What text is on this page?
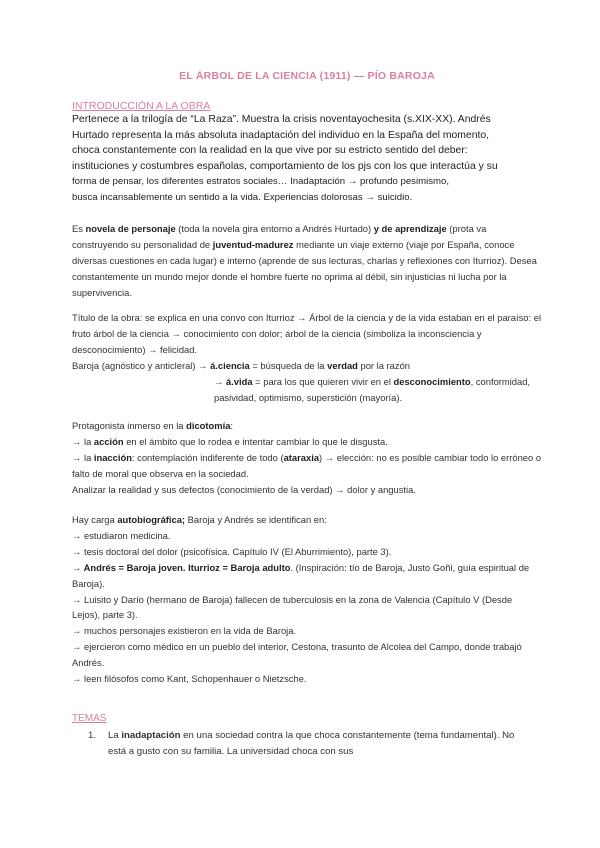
EL ÁRBOL DE LA CIENCIA (1911) — PÍO BAROJA
INTRODUCCIÓN A LA OBRA
Pertenece a la trilogía de “La Raza”. Muestra la crisis noventayochesita (s.XIX-XX). Andrés
Hurtado representa la más absoluta inadaptación del individuo en la España del momento,
choca constantemente con la realidad en la que vive por su estricto sentido del deber:
instituciones y costumbres españolas, comportamiento de los pjs con los que interactúa y su
forma de pensar, los diferentes estratos sociales… Inadaptación → profundo pesimismo,
busca incansablemente un sentido a la vida. Experiencias dolorosas → suicidio.
Es novela de personaje (toda la novela gira entorno a Andrés Hurtado) y de aprendizaje (prota va construyendo su personalidad de juventud-madurez mediante un viaje externo (viaje por España, conoce diversas cuestiones en cada lugar) e interno (aprende de sus lecturas, charlas y reflexiones con Iturrioz). Desea constantemente un mundo mejor donde el hombre fuerte no oprima al débil, sin injusticias ni lucha por la supervivencia.
Título de la obra: se explica en una convo con Iturrioz → Árbol de la ciencia y de la vida estaban en el paraíso: el fruto árbol de la ciencia → conocimiento con dolor; árbol de la ciencia (simboliza la inconsciencia y desconocimiento) → felicidad.
Baroja (agnóstico y anticleral) → á.ciencia = búsqueda de la verdad por la razón
→ á.vida = para los que quieren vivir en el desconocimiento, conformidad, pasividad, optimismo, superstición (mayoría).
Protagonista inmerso en la dicotomía:
→ la acción en el ámbito que lo rodea e intentar cambiar lo que le disgusta.
→ la inacción: contemplación indiferente de todo (ataraxia) → elección: no es posible cambiar todo lo erróneo o falto de moral que observa en la sociedad.
Analizar la realidad y sus defectos (conocimiento de la verdad) → dolor y angustia.
Hay carga autobiográfica; Baroja y Andrés se identifican en:
→ estudiaron medicina.
→ tesis doctoral del dolor (psicofísica. Capítulo IV (El Aburrimiento), parte 3).
→ Andrés = Baroja joven. Iturrioz = Baroja adulto. (Inspiración: tío de Baroja, Justo Goñi, guía espiritual de Baroja).
→ Luisito y Darío (hermano de Baroja) fallecen de tuberculosis en la zona de Valencia (Capítulo V (Desde Lejos), parte 3).
→ muchos personajes existieron en la vida de Baroja.
→ ejercieron como médico en un pueblo del interior, Cestona, trasunto de Alcolea del Campo, donde trabajó Andrés.
→ leen filósofos como Kant, Schopenhauer o Nietzsche.
TEMAS
1.	La inadaptación en una sociedad contra la que choca constantemente (tema fundamental). No está a gusto con su familia. La universidad choca con sus
